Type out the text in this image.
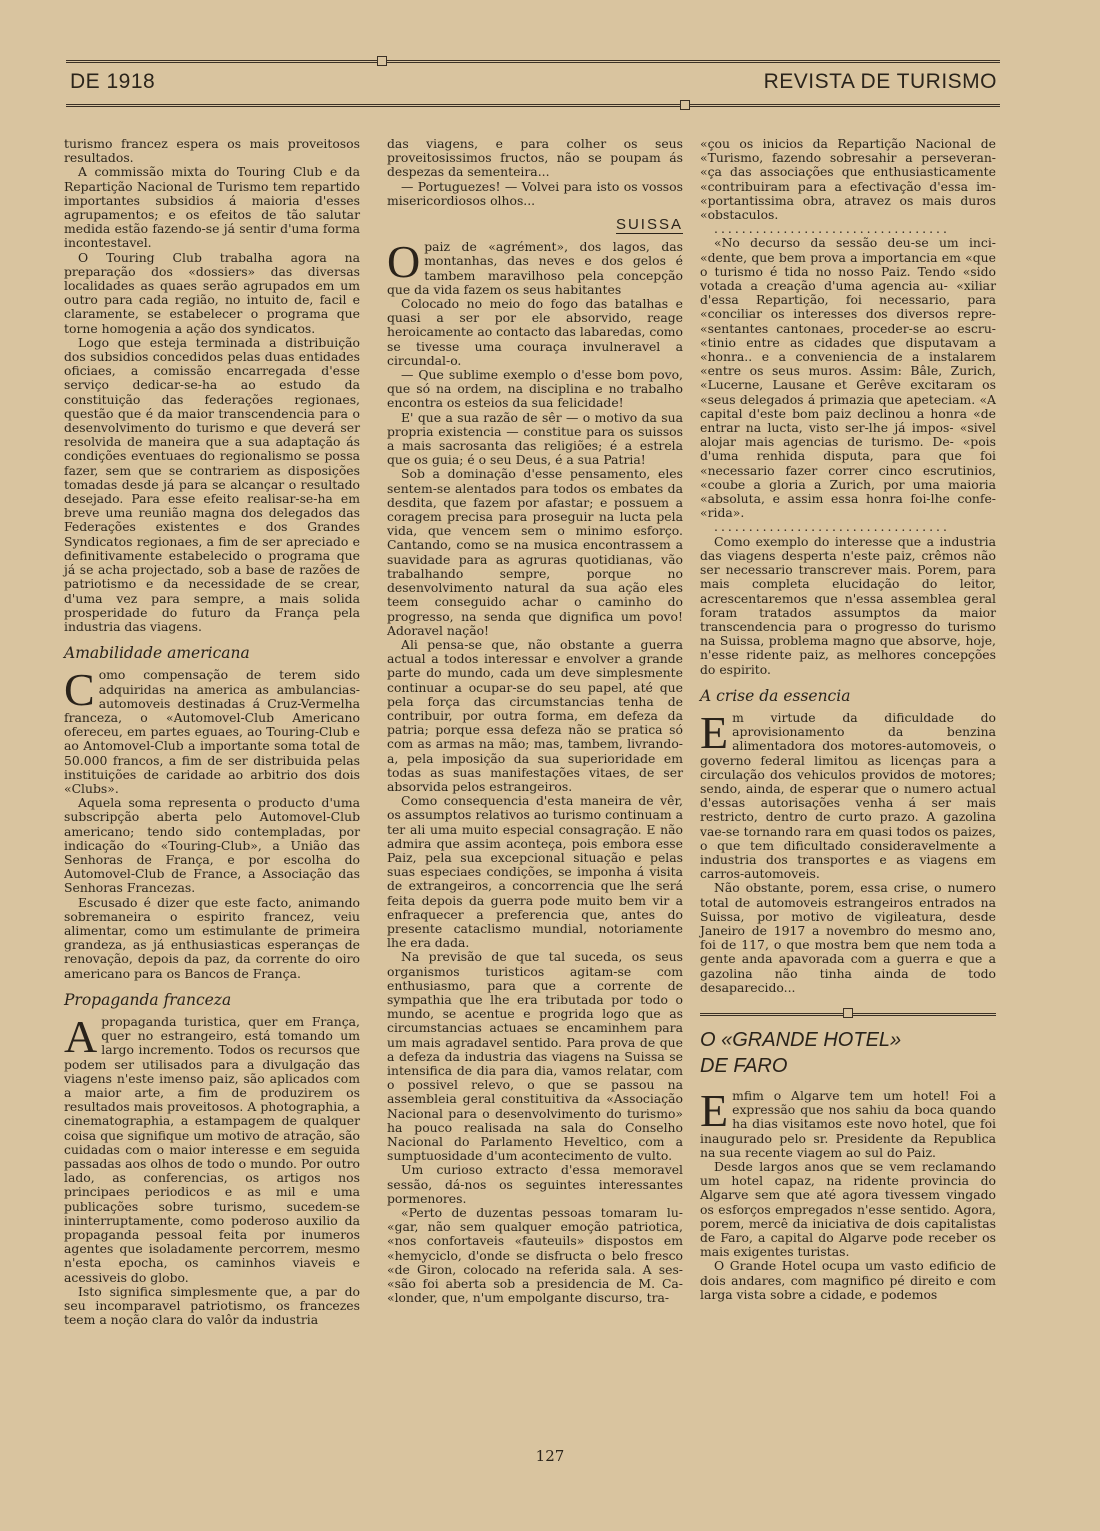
DE 1918	REVISTA DE TURISMO

turismo francez espera os mais proveitosos resultados.

A commissão mixta do Touring Club e da Repartição Nacional de Turismo tem repartido importantes subsidios á maioria d'esses agrupamentos; e os efeitos de tão salutar medida estão fazendo-se já sentir d'uma forma incontestavel.

O Touring Club trabalha agora na preparação dos «dossiers» das diversas localidades as quaes serão agrupados em um outro para cada região, no intuito de, facil e claramente, se estabelecer o programa que torne homogenia a ação dos syndicatos.

Logo que esteja terminada a distribuição dos subsidios concedidos pelas duas entidades oficiaes, a comissão encarregada d'esse serviço dedicar-se-ha ao estudo da constituição das federações regionaes, questão que é da maior transcendencia para o desenvolvimento do turismo e que deverá ser resolvida de maneira que a sua adaptação ás condições eventuaes do regionalismo se possa fazer, sem que se contrariem as disposições tomadas desde já para se alcançar o resultado desejado. Para esse efeito realisar-se-ha em breve uma reunião magna dos delegados das Federações existentes e dos Grandes Syndicatos regionaes, a fim de ser apreciado e definitivamente estabelecido o programa que já se acha projectado, sob a base de razões de patriotismo e da necessidade de se crear, d'uma vez para sempre, a mais solida prosperidade do futuro da França pela industria das viagens.

Amabilidade americana

Como compensação de terem sido adquiridas na america as ambulancias-automoveis destinadas á Cruz-Vermelha franceza, o «Automovel-Club Americano ofereceu, em partes eguaes, ao Touring-Club e ao Antomovel-Club a importante soma total de 50.000 francos, a fim de ser distribuida pelas instituições de caridade ao arbitrio dos dois «Clubs».

Aquela soma representa o producto d'uma subscripção aberta pelo Automovel-Club americano; tendo sido contempladas, por indicação do «Touring-Club», a União das Senhoras de França, e por escolha do Automovel-Club de France, a Associação das Senhoras Francezas.

Escusado é dizer que este facto, animando sobremaneira o espirito francez, veiu alimentar, como um estimulante de primeira grandeza, as já enthusiasticas esperanças de renovação, depois da paz, da corrente do oiro americano para os Bancos de França.

Propaganda franceza

Apropaganda turistica, quer em França, quer no estrangeiro, está tomando um largo incremento. Todos os recursos que podem ser utilisados para a divulgação das viagens n'este imenso paiz, são aplicados com a maior arte, a fim de produzirem os resultados mais proveitosos. A photographia, a cinematographia, a estampagem de qualquer coisa que signifique um motivo de atração, são cuidadas com o maior interesse e em seguida passadas aos olhos de todo o mundo. Por outro lado, as conferencias, os artigos nos principaes periodicos e as mil e uma publicações sobre turismo, sucedem-se ininterruptamente, como poderoso auxilio da propaganda pessoal feita por inumeros agentes que isoladamente percorrem, mesmo n'esta epocha, os caminhos viaveis e acessiveis do globo.

Isto significa simplesmente que, a par do seu incomparavel patriotismo, os francezes teem a noção clara do valôr da industria

das viagens, e para colher os seus proveitosissimos fructos, não se poupam ás despezas da sementeira...

— Portuguezes! — Volvei para isto os vossos misericordiosos olhos...

SUISSA

Opaiz de «agrément», dos lagos, das montanhas, das neves e dos gelos é tambem maravilhoso pela concepção que da vida fazem os seus habitantes

Colocado no meio do fogo das batalhas e quasi a ser por ele absorvido, reage heroicamente ao contacto das labaredas, como se tivesse uma couraça invulneravel a circundal-o.

— Que sublime exemplo o d'esse bom povo, que só na ordem, na disciplina e no trabalho encontra os esteios da sua felicidade!

E' que a sua razão de sêr — o motivo da sua propria existencia — constitue para os suissos a mais sacrosanta das religiões; é a estrela que os guia; é o seu Deus, é a sua Patria!

Sob a dominação d'esse pensamento, eles sentem-se alentados para todos os embates da desdita, que fazem por afastar; e possuem a coragem precisa para proseguir na lucta pela vida, que vencem sem o minimo esforço. Cantando, como se na musica encontrassem a suavidade para as agruras quotidianas, vão trabalhando sempre, porque no desenvolvimento natural da sua ação eles teem conseguido achar o caminho do progresso, na senda que dignifica um povo! Adoravel nação!

Ali pensa-se que, não obstante a guerra actual a todos interessar e envolver a grande parte do mundo, cada um deve simplesmente continuar a ocupar-se do seu papel, até que pela força das circumstancias tenha de contribuir, por outra forma, em defeza da patria; porque essa defeza não se pratica só com as armas na mão; mas, tambem, livrando-a, pela imposição da sua superioridade em todas as suas manifestações vitaes, de ser absorvida pelos estrangeiros.

Como consequencia d'esta maneira de vêr, os assumptos relativos ao turismo continuam a ter ali uma muito especial consagração. E não admira que assim aconteça, pois embora esse Paiz, pela sua excepcional situação e pelas suas especiaes condições, se imponha á visita de extrangeiros, a concorrencia que lhe será feita depois da guerra pode muito bem vir a enfraquecer a preferencia que, antes do presente cataclismo mundial, notoriamente lhe era dada.

Na previsão de que tal suceda, os seus organismos turisticos agitam-se com enthusiasmo, para que a corrente de sympathia que lhe era tributada por todo o mundo, se acentue e progrida logo que as circumstancias actuaes se encaminhem para um mais agradavel sentido. Para prova de que a defeza da industria das viagens na Suissa se intensifica de dia para dia, vamos relatar, com o possivel relevo, o que se passou na assembleia geral constituitiva da «Associação Nacional para o desenvolvimento do turismo» ha pouco realisada na sala do Conselho Nacional do Parlamento Heveltico, com a sumptuosidade d'um acontecimento de vulto.

Um curioso extracto d'essa memoravel sessão, dá-nos os seguintes interessantes pormenores.

«Perto de duzentas pessoas tomaram lu- «gar, não sem qualquer emoção patriotica, «nos confortaveis «fauteuils» dispostos em «hemyciclo, d'onde se disfructa o belo fresco «de Giron, colocado na referida sala. A ses- «são foi aberta sob a presidencia de M. Ca- «londer, que, n'um empolgante discurso, tra-

«çou os inicios da Repartição Nacional de «Turismo, fazendo sobresahir a perseveran- «ça das associações que enthusiasticamente «contribuiram para a efectivação d'essa im- «portantissima obra, atravez os mais duros «obstaculos.

..................................

«No decurso da sessão deu-se um inci- «dente, que bem prova a importancia em «que o turismo é tida no nosso Paiz. Tendo «sido votada a creação d'uma agencia au- «xiliar d'essa Repartição, foi necessario, para «conciliar os interesses dos diversos repre- «sentantes cantonaes, proceder-se ao escru- «tinio entre as cidades que disputavam a «honra.. e a conveniencia de a instalarem «entre os seus muros. Assim: Bâle, Zurich, «Lucerne, Lausane et Gerêve excitaram os «seus delegados á primazia que apeteciam. «A capital d'este bom paiz declinou a honra «de entrar na lucta, visto ser-lhe já impos- «sivel alojar mais agencias de turismo. De- «pois d'uma renhida disputa, para que foi «necessario fazer correr cinco escrutinios, «coube a gloria a Zurich, por uma maioria «absoluta, e assim essa honra foi-lhe confe- «rida».

..................................

Como exemplo do interesse que a industria das viagens desperta n'este paiz, crêmos não ser necessario transcrever mais. Porem, para mais completa elucidação do leitor, acrescentaremos que n'essa assemblea geral foram tratados assumptos da maior transcendencia para o progresso do turismo na Suissa, problema magno que absorve, hoje, n'esse ridente paiz, as melhores concepções do espirito.

A crise da essencia

Em virtude da dificuldade do aprovisionamento da benzina alimentadora dos motores-automoveis, o governo federal limitou as licenças para a circulação dos vehiculos providos de motores; sendo, ainda, de esperar que o numero actual d'essas autorisações venha á ser mais restricto, dentro de curto prazo. A gazolina vae-se tornando rara em quasi todos os paizes, o que tem dificultado consideravelmente a industria dos transportes e as viagens em carros-automoveis.

Não obstante, porem, essa crise, o numero total de automoveis estrangeiros entrados na Suissa, por motivo de vigileatura, desde Janeiro de 1917 a novembro do mesmo ano, foi de 117, o que mostra bem que nem toda a gente anda apavorada com a guerra e que a gazolina não tinha ainda de todo desaparecido...

O «GRANDE HOTEL»
DE FARO

Emfim o Algarve tem um hotel! Foi a expressão que nos sahiu da boca quando ha dias visitamos este novo hotel, que foi inaugurado pelo sr. Presidente da Republica na sua recente viagem ao sul do Paiz.

Desde largos anos que se vem reclamando um hotel capaz, na ridente provincia do Algarve sem que até agora tivessem vingado os esforços empregados n'esse sentido. Agora, porem, mercê da iniciativa de dois capitalistas de Faro, a capital do Algarve pode receber os mais exigentes turistas.

O Grande Hotel ocupa um vasto edificio de dois andares, com magnifico pé direito e com larga vista sobre a cidade, e podemos

127
